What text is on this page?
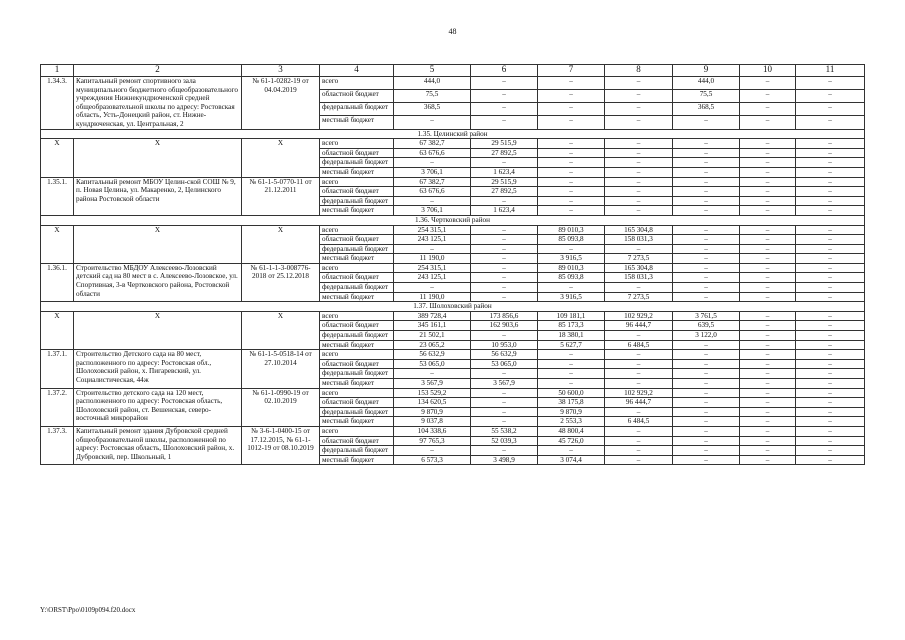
48
1	2	3	4	5	6	7	8	9	10	11
1.34.3.	Капитальный ремонт спортивного зала муниципального бюджетного общеобразовательного учреждения Нижнекундрюченской средней общеобразовательной школы по адресу: Ростовская область, Усть-Донецкий район, ст. Нижне-кундрюченская, ул. Центральная, 2	№ 61-1-0282-19 от 04.04.2019	всего	444,0	–	–	–	444,0	–	–
			областной бюджет	75,5	–	–	–	75,5	–	–
			федеральный бюджет	368,5	–	–	–	368,5	–	–
			местный бюджет	–	–	–	–	–	–	–
1.35. Целинский район										
Х	Х	Х	всего	67 382,7	29 515,9	–	–	–	–	–
			областной бюджет	63 676,6	27 892,5	–	–	–	–	–
			федеральный бюджет	–	–	–	–	–	–	–
			местный бюджет	3 706,1	1 623,4	–	–	–	–	–
1.35.1.	Капитальный ремонт МБОУ Целин-ской СОШ № 9, п. Новая Целина, ул. Макаренко, 2, Целинского района Ростовской области	№ 61-1-5-0770-11 от 21.12.2011	всего	67 382,7	29 515,9	–	–	–	–	–
			областной бюджет	63 676,6	27 892,5	–	–	–	–	–
			федеральный бюджет	–	–	–	–	–	–	–
			местный бюджет	3 706,1	1 623,4	–	–	–	–	–
1.36. Чертковский район										
Х	Х	Х	всего	254 315,1	–	89 010,3	165 304,8	–	–	–
			областной бюджет	243 125,1	–	85 093,8	158 031,3	–	–	–
			федеральный бюджет	–	–	–	–	–	–	–
			местный бюджет	11 190,0	–	3 916,5	7 273,5	–	–	–
1.36.1.	Строительство МБДОУ Алексеево-Лозовский детский сад на 80 мест в с. Алексеево-Лозовское, ул. Спортивная, 3-в Чертковского района, Ростовской области	№ 61-1-1-3-008776-2018 от 25.12.2018	всего	254 315,1	–	89 010,3	165 304,8	–	–	–
			областной бюджет	243 125,1	–	85 093,8	158 031,3	–	–	–
			федеральный бюджет	–	–	–	–	–	–	–
			местный бюджет	11 190,0	–	3 916,5	7 273,5	–	–	–
1.37. Шолоховский район										
Х	Х	Х	всего	389 728,4	173 856,6	109 181,1	102 929,2	3 761,5	–	–
			областной бюджет	345 161,1	162 903,6	85 173,3	96 444,7	639,5	–	–
			федеральный бюджет	21 502,1	–	18 380,1	–	3 122,0	–	–
			местный бюджет	23 065,2	10 953,0	5 627,7	6 484,5	–	–	–
1.37.1.	Строительство Детского сада на 80 мест, расположенного по адресу: Ростовская обл., Шолоховский район, х. Пигаревский, ул. Социалистическая, 44ж	№ 61-1-5-0518-14 от 27.10.2014	всего	56 632,9	56 632,9	–	–	–	–	–
			областной бюджет	53 065,0	53 065,0	–	–	–	–	–
			федеральный бюджет	–	–	–	–	–	–	–
			местный бюджет	3 567,9	3 567,9	–	–	–	–	–
1.37.2.	Строительство детского сада на 120 мест, расположенного по адресу: Ростовская область, Шолоховский район, ст. Вешенская, северо-восточный микрорайон	№ 61-1-0990-19 от 02.10.2019	всего	153 529,2	–	50 600,0	102 929,2	–	–	–
			областной бюджет	134 620,5	–	38 175,8	96 444,7	–	–	–
			федеральный бюджет	9 870,9	–	9 870,9	–	–	–	–
			местный бюджет	9 037,8	–	2 553,3	6 484,5	–	–	–
1.37.3.	Капитальный ремонт здания Дубровской средней общеобразовательной школы, расположенной по адресу: Ростовская область, Шолоховский район, х. Дубровский, пер. Школьный, 1	№ 3-6-1-0400-15 от 17.12.2015, № 61-1-1012-19 от 08.10.2019	всего	104 338,6	55 538,2	48 800,4	–	–	–	–
			областной бюджет	97 765,3	52 039,3	45 726,0	–	–	–	–
			федеральный бюджет	–	–	–	–	–	–	–
			местный бюджет	6 573,3	3 498,9	3 074,4	–	–	–	–
Y:\ORST\Ppo\0109p094.f20.docx
